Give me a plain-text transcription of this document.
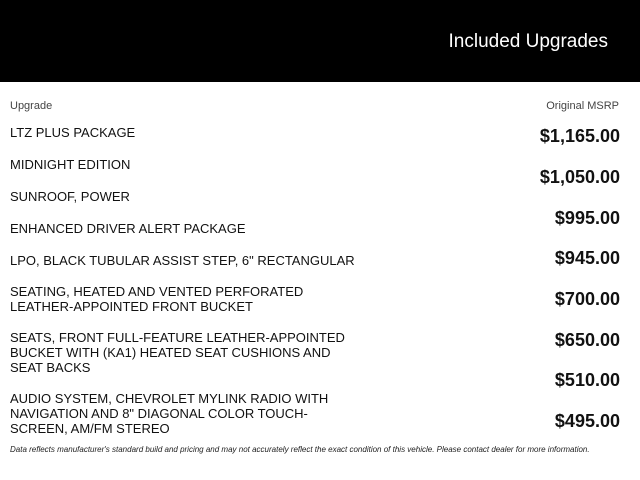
Included Upgrades
Upgrade	Original MSRP
LTZ PLUS PACKAGE
MIDNIGHT EDITION
SUNROOF, POWER
ENHANCED DRIVER ALERT PACKAGE
LPO, BLACK TUBULAR ASSIST STEP, 6" RECTANGULAR
SEATING, HEATED AND VENTED PERFORATED LEATHER-APPOINTED FRONT BUCKET
SEATS, FRONT FULL-FEATURE LEATHER-APPOINTED BUCKET WITH (KA1) HEATED SEAT CUSHIONS AND SEAT BACKS
AUDIO SYSTEM, CHEVROLET MYLINK RADIO WITH NAVIGATION AND 8" DIAGONAL COLOR TOUCH-SCREEN, AM/FM STEREO
$1,165.00
$1,050.00
$995.00
$945.00
$700.00
$650.00
$510.00
$495.00
Data reflects manufacturer's standard build and pricing and may not accurately reflect the exact condition of this vehicle. Please contact dealer for more information.
